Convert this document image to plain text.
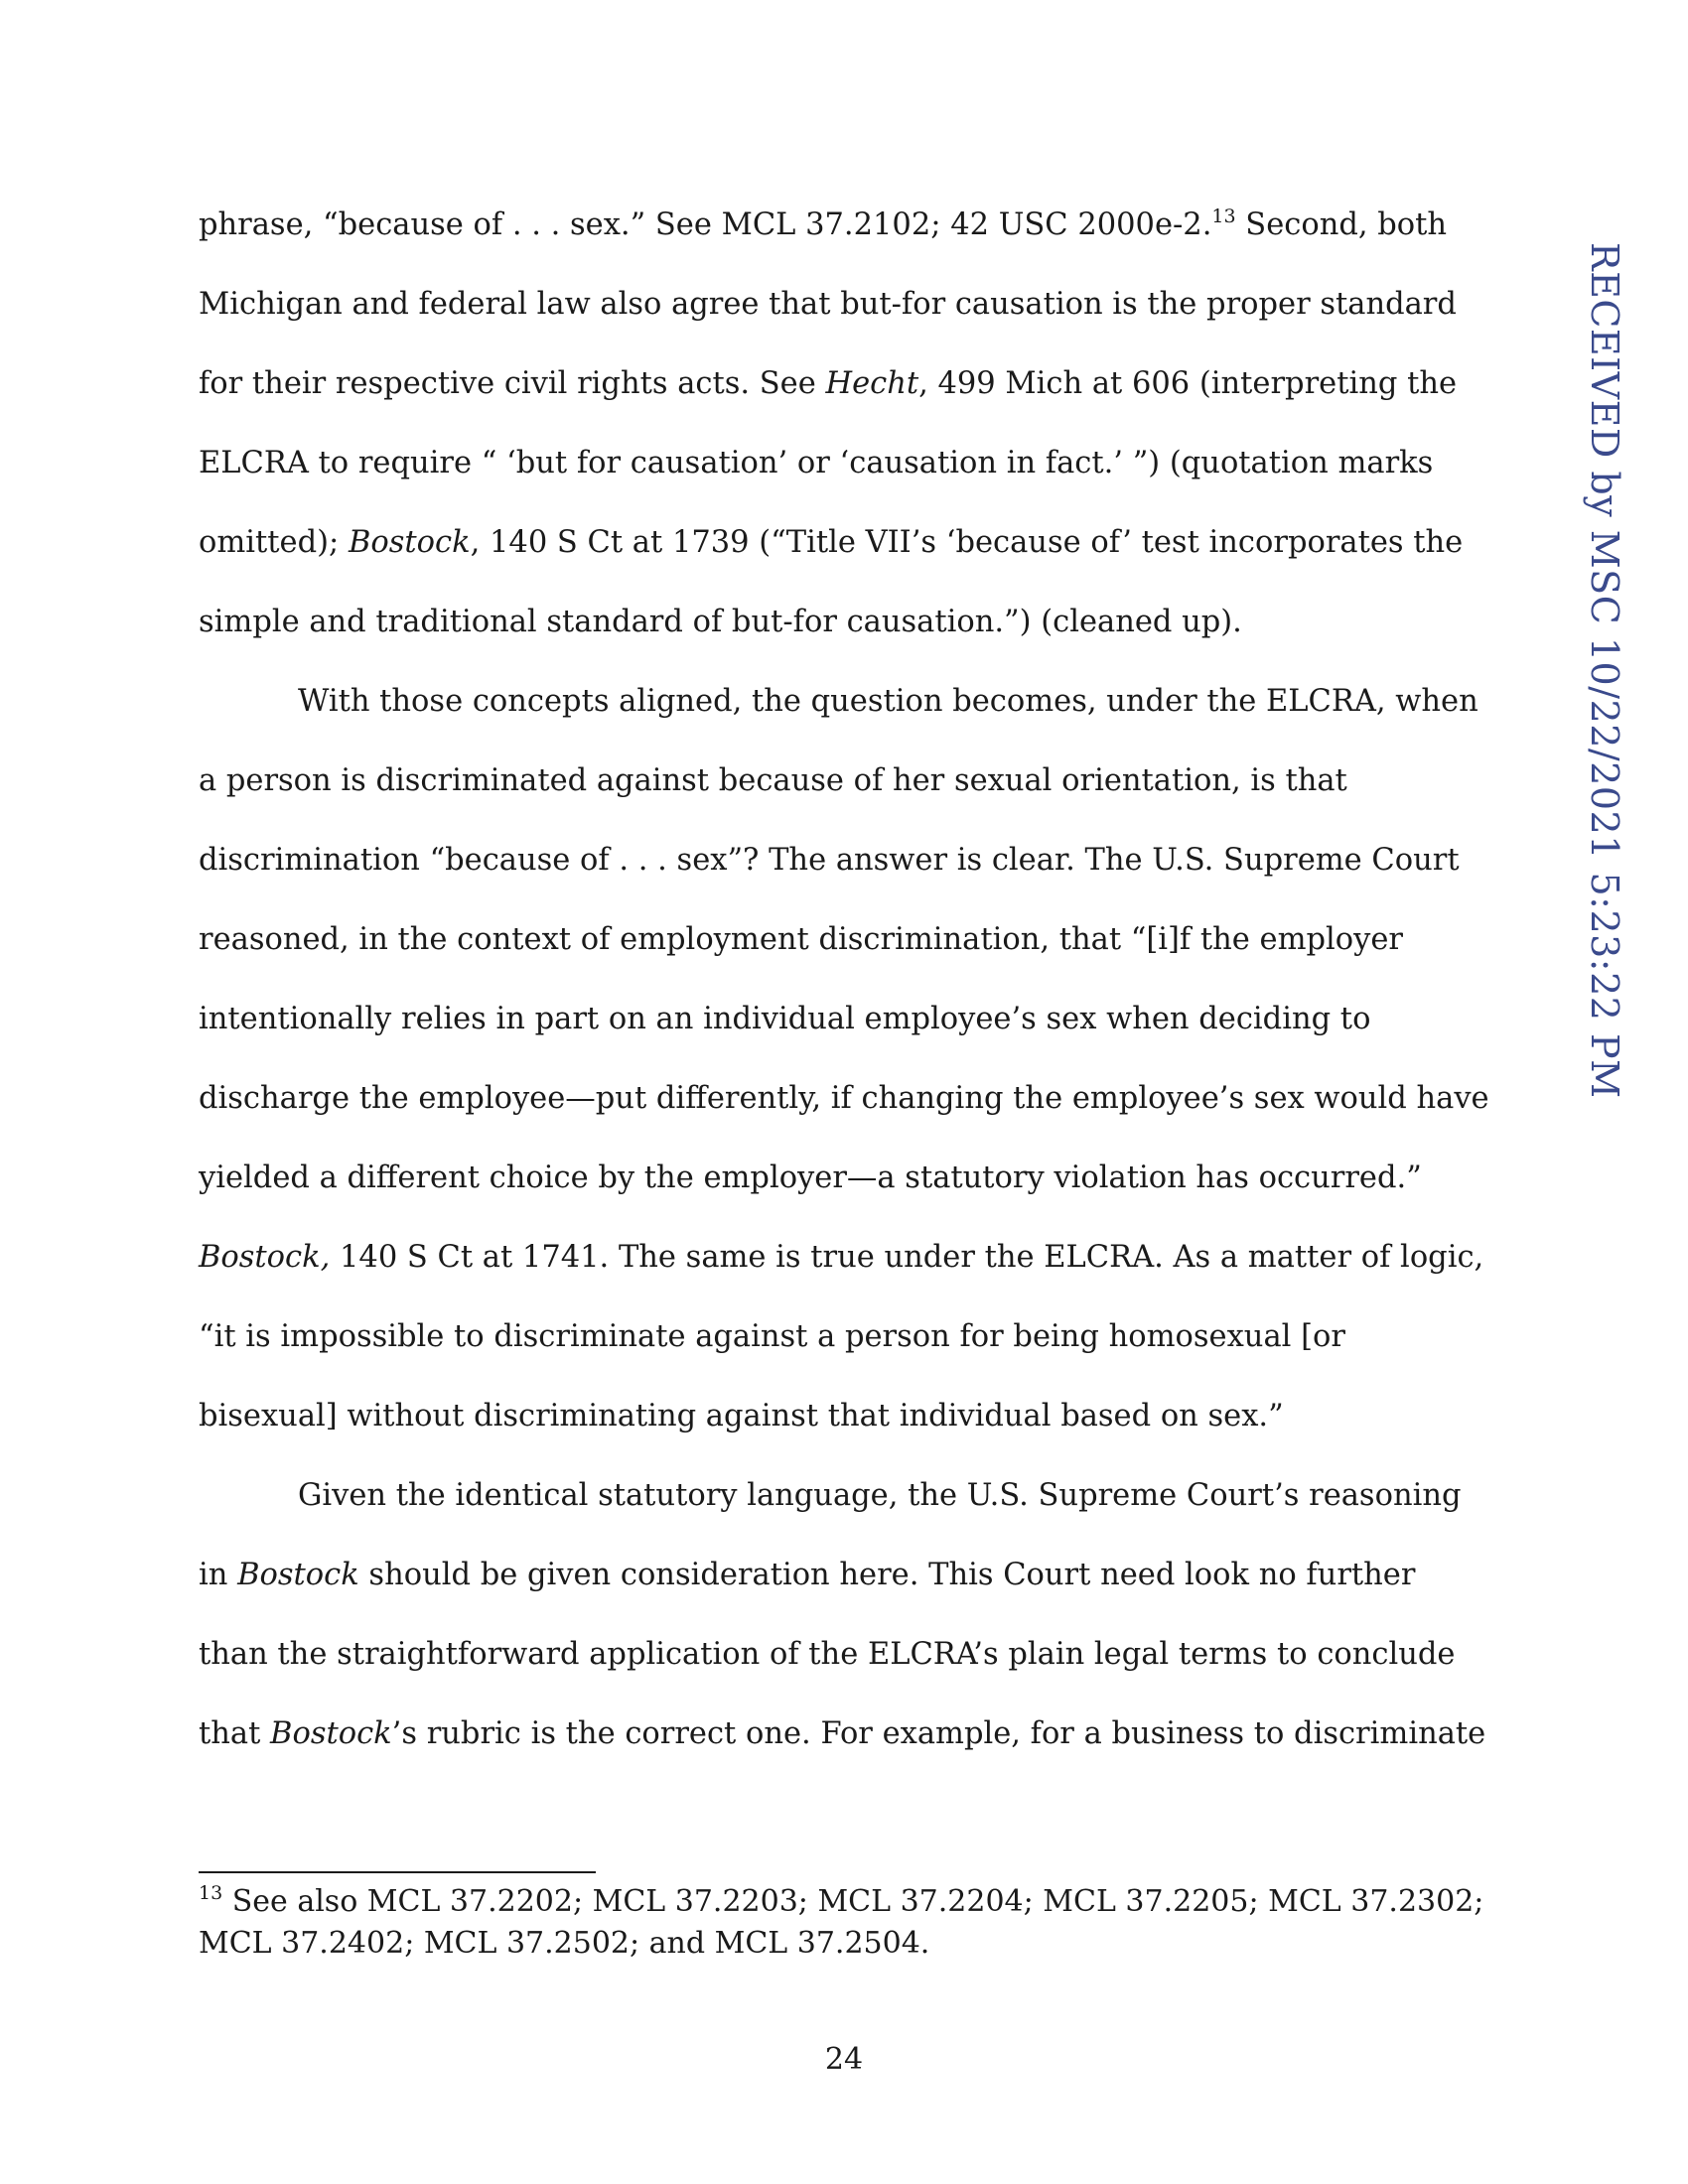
RECEIVED by MSC 10/22/2021 5:23:22 PM

phrase, “because of . . . sex.” See MCL 37.2102; 42 USC 2000e-2.13 Second, both Michigan and federal law also agree that but-for causation is the proper standard for their respective civil rights acts. See Hecht, 499 Mich at 606 (interpreting the ELCRA to require “ ‘but for causation’ or ‘causation in fact.’ ”) (quotation marks omitted); Bostock, 140 S Ct at 1739 (“Title VII’s ‘because of’ test incorporates the simple and traditional standard of but-for causation.”) (cleaned up).

With those concepts aligned, the question becomes, under the ELCRA, when a person is discriminated against because of her sexual orientation, is that discrimination “because of . . . sex”? The answer is clear. The U.S. Supreme Court reasoned, in the context of employment discrimination, that “[i]f the employer intentionally relies in part on an individual employee’s sex when deciding to discharge the employee—put differently, if changing the employee’s sex would have yielded a different choice by the employer—a statutory violation has occurred.” Bostock, 140 S Ct at 1741. The same is true under the ELCRA. As a matter of logic, “it is impossible to discriminate against a person for being homosexual [or bisexual] without discriminating against that individual based on sex.”

Given the identical statutory language, the U.S. Supreme Court’s reasoning in Bostock should be given consideration here. This Court need look no further than the straightforward application of the ELCRA’s plain legal terms to conclude that Bostock’s rubric is the correct one. For example, for a business to discriminate

$^{13}$ See also MCL 37.2202; MCL 37.2203; MCL 37.2204; MCL 37.2205; MCL 37.2302; MCL 37.2402; MCL 37.2502; and MCL 37.2504.
24
